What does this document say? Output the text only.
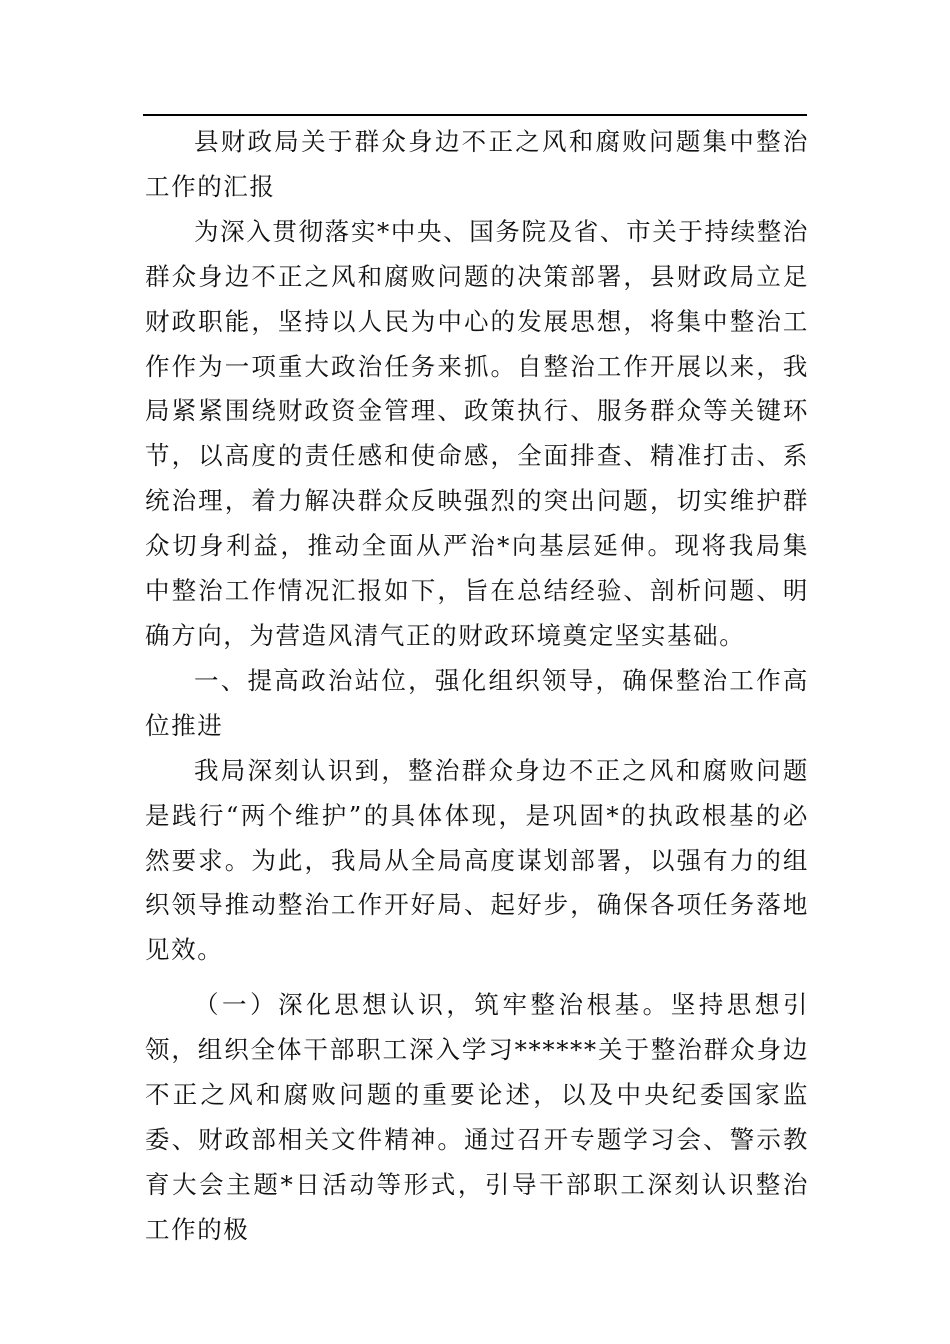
县财政局关于群众身边不正之风和腐败问题集中整治工作的汇报

为深入贯彻落实*中央、国务院及省、市关于持续整治群众身边不正之风和腐败问题的决策部署，县财政局立足财政职能，坚持以人民为中心的发展思想，将集中整治工作作为一项重大政治任务来抓。自整治工作开展以来，我局紧紧围绕财政资金管理、政策执行、服务群众等关键环节，以高度的责任感和使命感，全面排查、精准打击、系统治理，着力解决群众反映强烈的突出问题，切实维护群众切身利益，推动全面从严治*向基层延伸。现将我局集中整治工作情况汇报如下，旨在总结经验、剖析问题、明确方向，为营造风清气正的财政环境奠定坚实基础。

一、提高政治站位，强化组织领导，确保整治工作高位推进

我局深刻认识到，整治群众身边不正之风和腐败问题是践行“两个维护”的具体体现，是巩固*的执政根基的必然要求。为此，我局从全局高度谋划部署，以强有力的组织领导推动整治工作开好局、起好步，确保各项任务落地见效。

（一）深化思想认识，筑牢整治根基。坚持思想引领，组织全体干部职工深入学习******关于整治群众身边不正之风和腐败问题的重要论述，以及中央纪委国家监委、财政部相关文件精神。通过召开专题学习会、警示教育大会主题*日活动等形式，引导干部职工深刻认识整治工作的极
